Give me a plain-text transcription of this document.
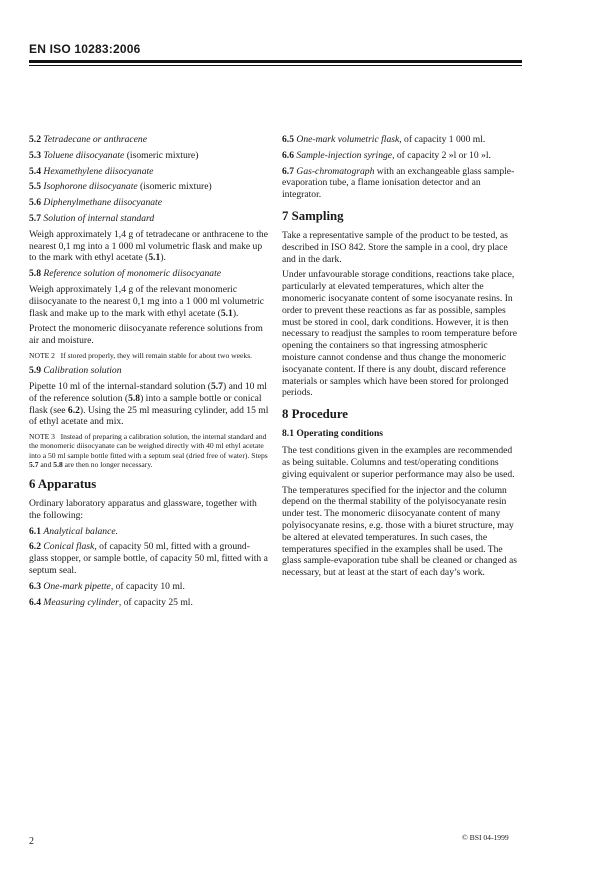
EN ISO 10283:2006
5.2 Tetradecane or anthracene
5.3 Toluene diisocyanate (isomeric mixture)
5.4 Hexamethylene diisocyanate
5.5 Isophorone diisocyanate (isomeric mixture)
5.6 Diphenylmethane diisocyanate
5.7 Solution of internal standard

Weigh approximately 1,4 g of tetradecane or anthracene to the nearest 0,1 mg into a 1 000 ml volumetric flask and make up to the mark with ethyl acetate (5.1).

5.8 Reference solution of monomeric diisocyanate

Weigh approximately 1,4 g of the relevant monomeric diisocyanate to the nearest 0,1 mg into a 1 000 ml volumetric flask and make up to the mark with ethyl acetate (5.1).

Protect the monomeric diisocyanate reference solutions from air and moisture.

NOTE 2 If stored properly, they will remain stable for about two weeks.
5.9 Calibration solution

Pipette 10 ml of the internal-standard solution (5.7) and 10 ml of the reference solution (5.8) into a sample bottle or conical flask (see 6.2). Using the 25 ml measuring cylinder, add 15 ml of ethyl acetate and mix.

NOTE 3 Instead of preparing a calibration solution, the internal standard and the monomeric diisocyanate can be weighed directly with 40 ml ethyl acetate into a 50 ml sample bottle fitted with a septum seal (dried free of water). Steps 5.7 and 5.8 are then no longer necessary.
6 Apparatus

Ordinary laboratory apparatus and glassware, together with the following:

6.1 Analytical balance.
6.2 Conical flask, of capacity 50 ml, fitted with a ground-glass stopper, or sample bottle, of capacity 50 ml, fitted with a septum seal.
6.3 One-mark pipette, of capacity 10 ml.
6.4 Measuring cylinder, of capacity 25 ml.
6.5 One-mark volumetric flask, of capacity 1 000 ml.
6.6 Sample-injection syringe, of capacity 2 »l or 10 »l.
6.7 Gas-chromatograph with an exchangeable glass sample-evaporation tube, a flame ionisation detector and an integrator.
7 Sampling

Take a representative sample of the product to be tested, as described in ISO 842. Store the sample in a cool, dry place and in the dark.

Under unfavourable storage conditions, reactions take place, particularly at elevated temperatures, which alter the monomeric isocyanate content of some isocyanate resins. In order to prevent these reactions as far as possible, samples must be stored in cool, dark conditions. However, it is then necessary to readjust the samples to room temperature before opening the containers so that ingressing atmospheric moisture cannot condense and thus change the monomeric isocyanate content. If there is any doubt, discard reference materials or samples which have been stored for prolonged periods.

8 Procedure
8.1 Operating conditions

The test conditions given in the examples are recommended as being suitable. Columns and test/operating conditions giving equivalent or superior performance may also be used.

The temperatures specified for the injector and the column depend on the thermal stability of the polyisocyanate resin under test. The monomeric diisocyanate content of many polyisocyanate resins, e.g. those with a biuret structure, may be altered at elevated temperatures. In such cases, the temperatures specified in the examples shall be used. The glass sample-evaporation tube shall be cleaned or changed as necessary, but at least at the start of each day’s work.

2	© BSI 04-1999
